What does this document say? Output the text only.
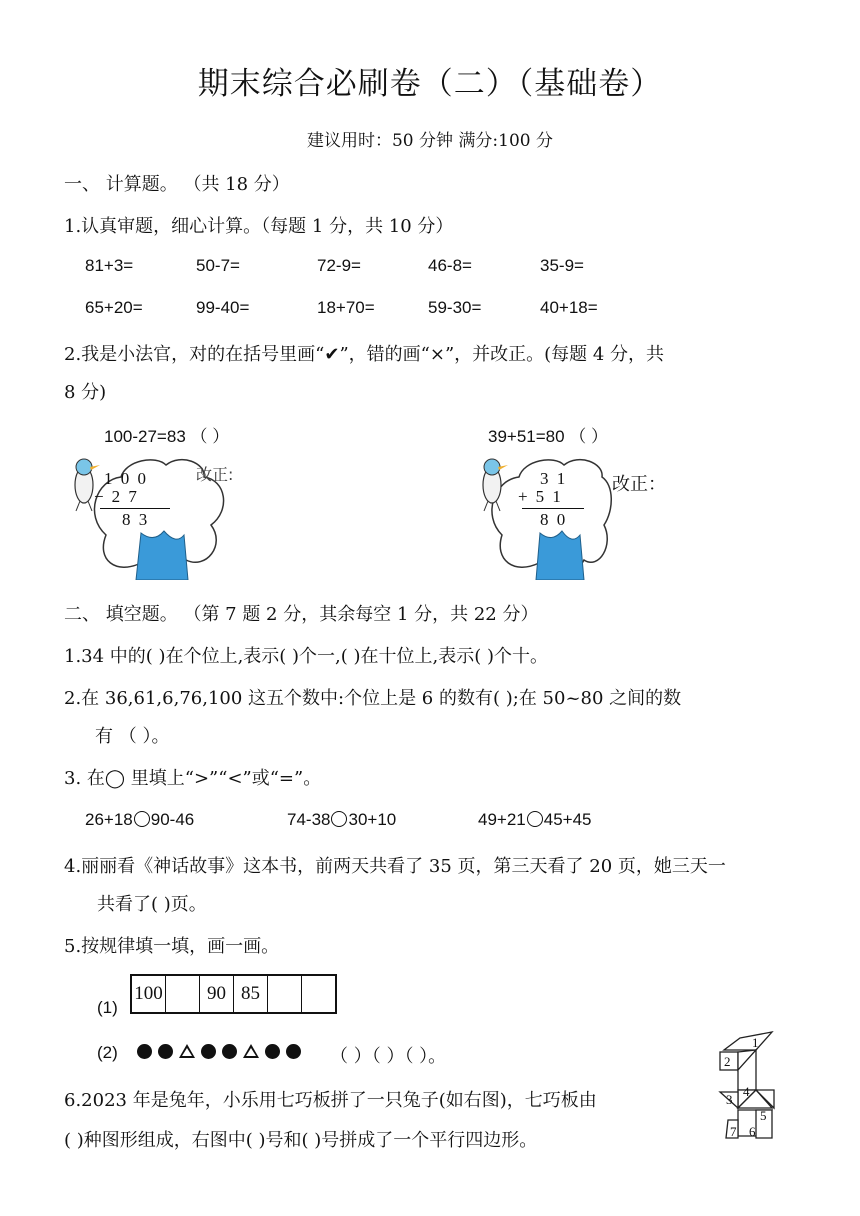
期末综合必刷卷（二）（基础卷）
建议用时：50 分钟 满分:100 分
一、 计算题。 （共 18 分）
1.认真审题，细心计算。（每题 1 分，共 10 分）
81+3=	50-7=	72-9=	46-8=	35-9=
65+20=	99-40=	18+70=	59-30=	40+18=
2.我是小法官，对的在括号里画“✔”，错的画“×”，并改正。(每题 4 分，共
8 分)
100-27=83 （ ）	39+51=80 （ ）
1 0 0
− 2 7
8 3
改正:	3 1
+ 5 1
8 0
改正：
二、 填空题。 （第 7 题 2 分，其余每空 1 分，共 22 分）
1.34 中的( )在个位上,表示( )个一,( )在十位上,表示( )个十。
2.在 36,61,6,76,100 这五个数中:个位上是 6 的数有( );在 50~80 之间的数
有 （ ）。
3. 在◯ 里填上“>”“<”或“=”。
26+18 90-46	74-38 30+10	49+21 45+45
4.丽丽看《神话故事》这本书，前两天共看了 35 页，第三天看了 20 页，她三天一
共看了( )页。
5.按规律填一填，画一画。
(1)
100	90 85
(2)	（ ）（ ）（ ）。
6.2023 年是兔年，小乐用七巧板拼了一只兔子(如右图)，七巧板由
( )种图形组成，右图中( )号和( )号拼成了一个平行四边形。
1
2
3
4
5
6
7
